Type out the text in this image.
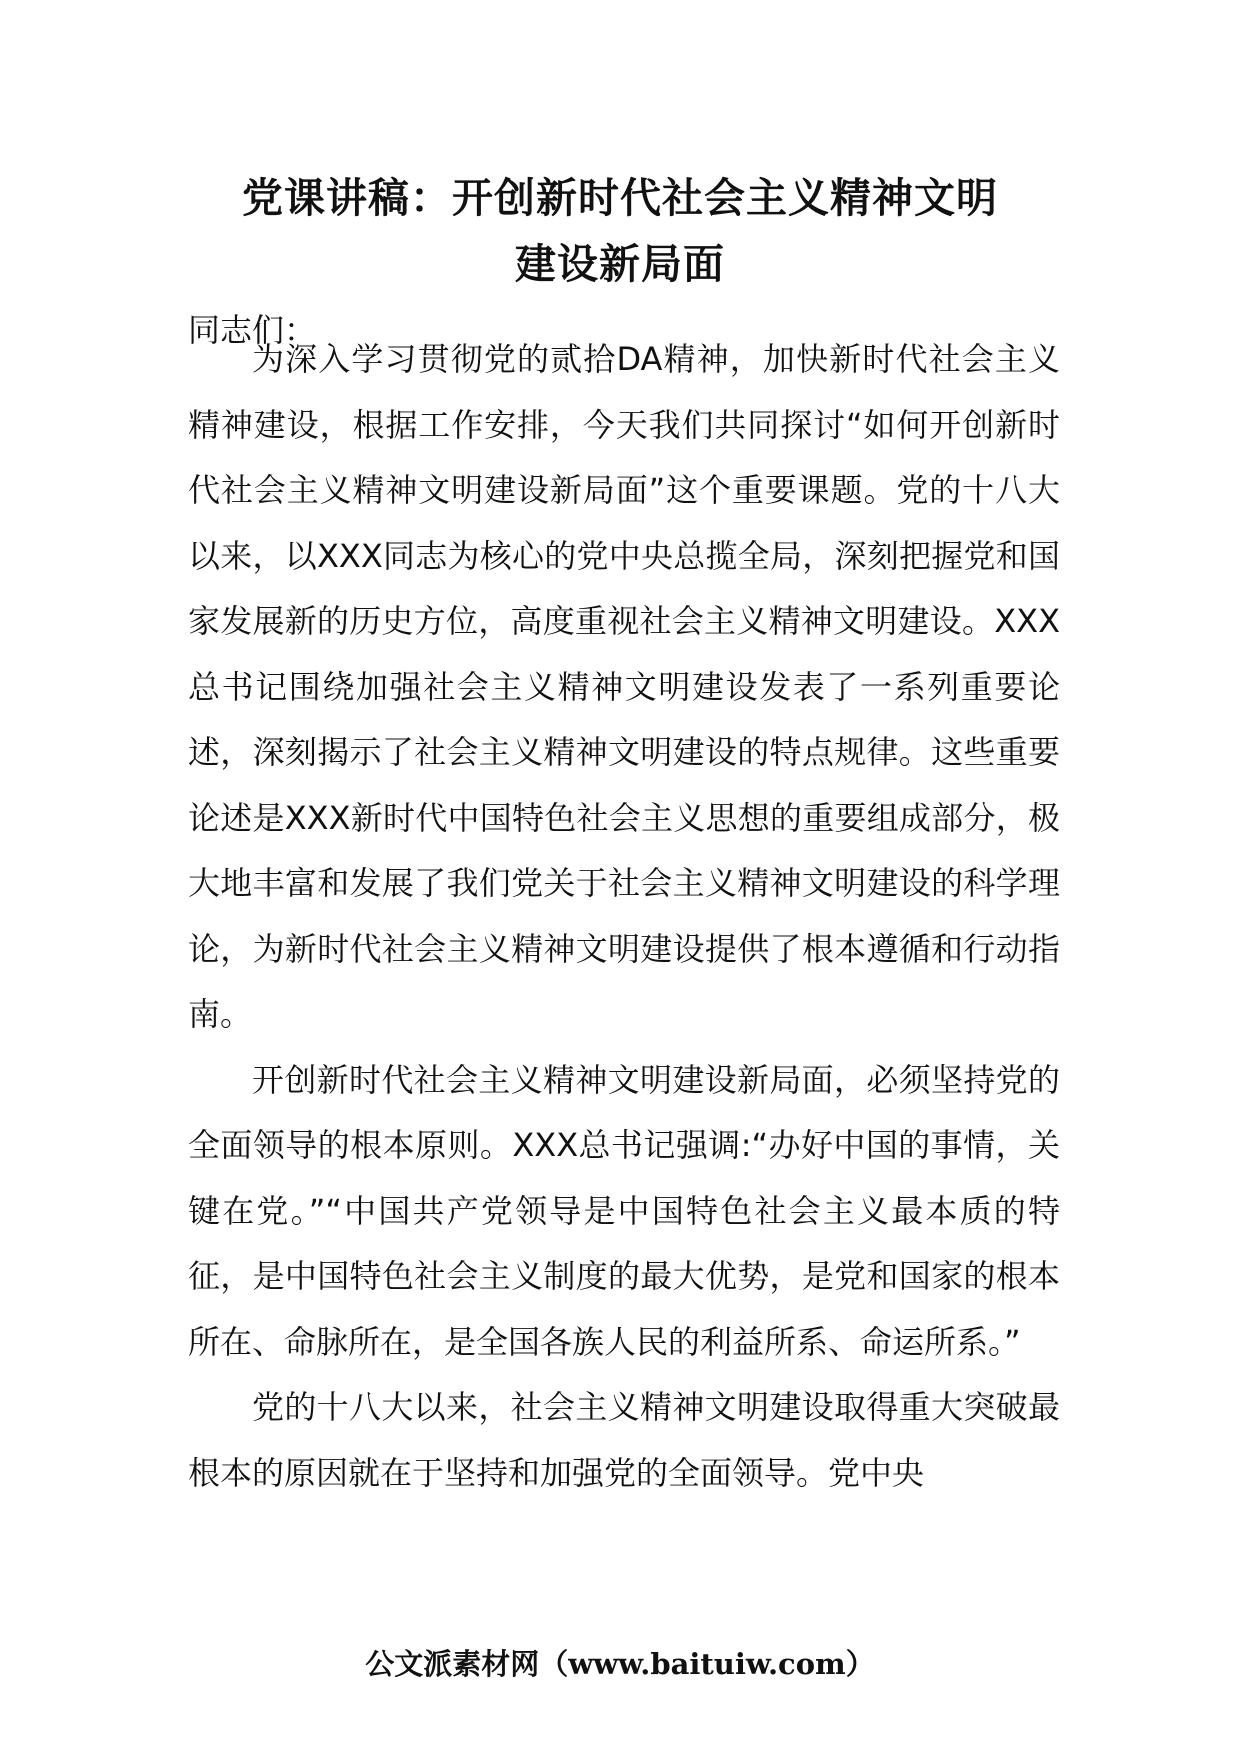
党课讲稿：开创新时代社会主义精神文明
建设新局面

同志们：

为深入学习贯彻党的贰拾DA精神，加快新时代社会主义精神建设，根据工作安排，今天我们共同探讨“如何开创新时代社会主义精神文明建设新局面”这个重要课题。党的十八大以来，以XXX同志为核心的党中央总揽全局，深刻把握党和国家发展新的历史方位，高度重视社会主义精神文明建设。XXX总书记围绕加强社会主义精神文明建设发表了一系列重要论述，深刻揭示了社会主义精神文明建设的特点规律。这些重要论述是XXX新时代中国特色社会主义思想的重要组成部分，极大地丰富和发展了我们党关于社会主义精神文明建设的科学理论，为新时代社会主义精神文明建设提供了根本遵循和行动指南。
开创新时代社会主义精神文明建设新局面，必须坚持党的全面领导的根本原则。XXX总书记强调:“办好中国的事情，关键在党。”“中国共产党领导是中国特色社会主义最本质的特征，是中国特色社会主义制度的最大优势，是党和国家的根本所在、命脉所在，是全国各族人民的利益所系、命运所系。”
党的十八大以来，社会主义精神文明建设取得重大突破最根本的原因就在于坚持和加强党的全面领导。党中央

公文派素材网（www.baituiw.com）
